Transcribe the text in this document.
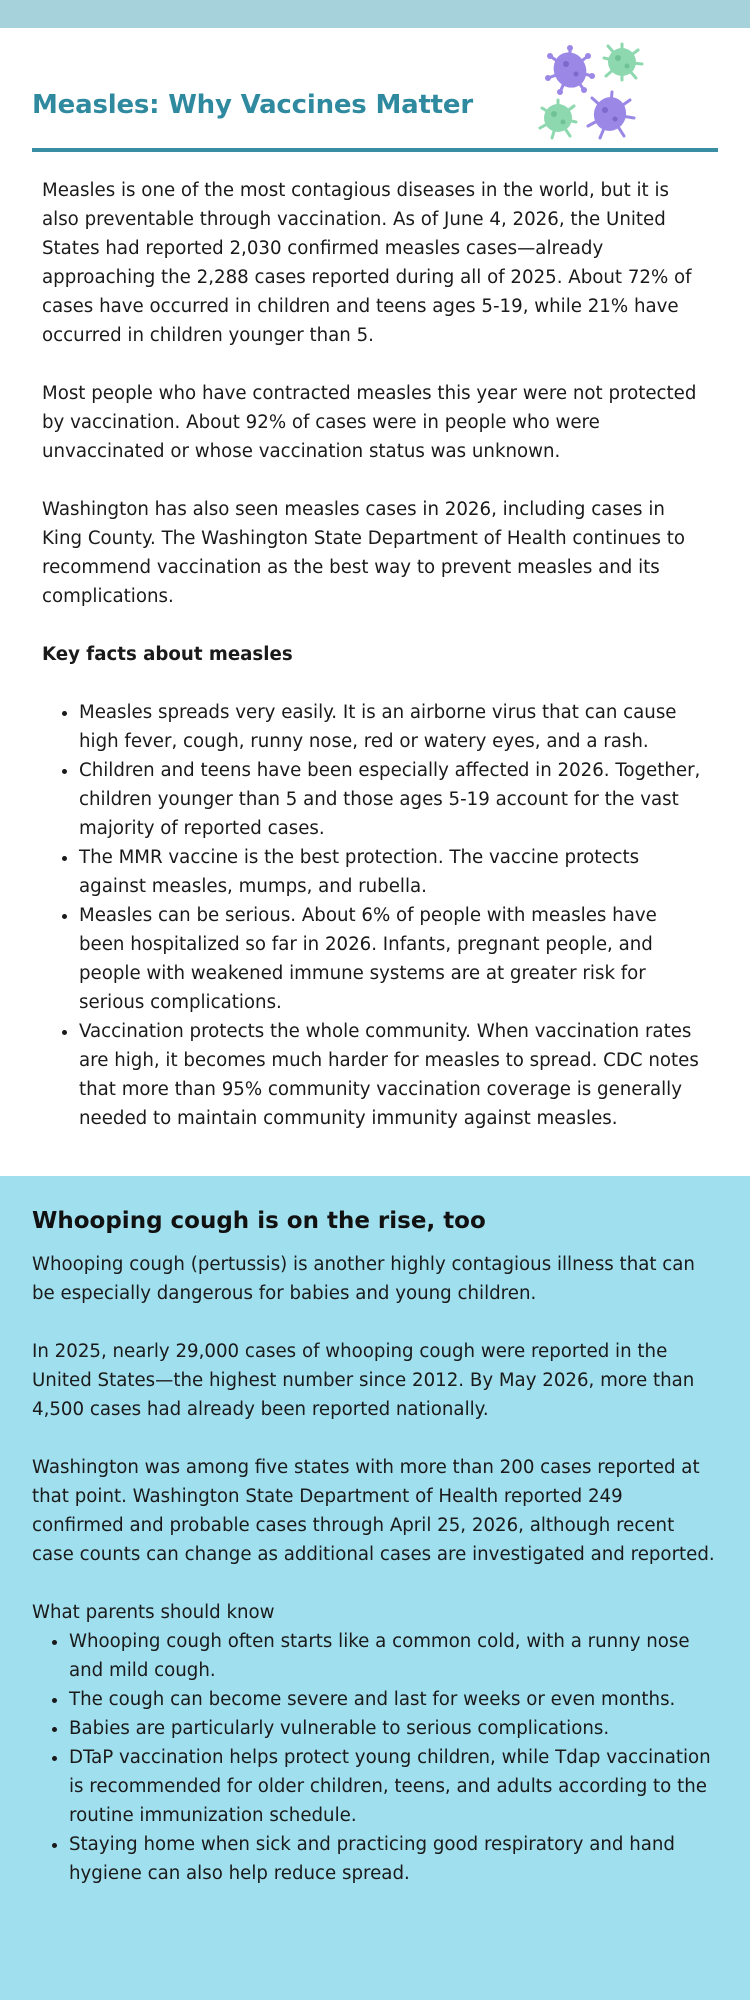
Measles: Why Vaccines Matter

Measles is one of the most contagious diseases in the world, but it is also preventable through vaccination. As of June 4, 2026, the United States had reported 2,030 confirmed measles cases—already approaching the 2,288 cases reported during all of 2025. About 72% of cases have occurred in children and teens ages 5-19, while 21% have occurred in children younger than 5.

Most people who have contracted measles this year were not protected by vaccination. About 92% of cases were in people who were unvaccinated or whose vaccination status was unknown.

Washington has also seen measles cases in 2026, including cases in King County. The Washington State Department of Health continues to recommend vaccination as the best way to prevent measles and its complications.

Key facts about measles

• Measles spreads very easily. It is an airborne virus that can cause high fever, cough, runny nose, red or watery eyes, and a rash.
• Children and teens have been especially affected in 2026. Together, children younger than 5 and those ages 5-19 account for the vast majority of reported cases.
• The MMR vaccine is the best protection. The vaccine protects against measles, mumps, and rubella.
• Measles can be serious. About 6% of people with measles have been hospitalized so far in 2026. Infants, pregnant people, and people with weakened immune systems are at greater risk for serious complications.
• Vaccination protects the whole community. When vaccination rates are high, it becomes much harder for measles to spread. CDC notes that more than 95% community vaccination coverage is generally needed to maintain community immunity against measles.
Whooping cough is on the rise, too

Whooping cough (pertussis) is another highly contagious illness that can be especially dangerous for babies and young children.

In 2025, nearly 29,000 cases of whooping cough were reported in the United States—the highest number since 2012. By May 2026, more than 4,500 cases had already been reported nationally.

Washington was among five states with more than 200 cases reported at that point. Washington State Department of Health reported 249 confirmed and probable cases through April 25, 2026, although recent case counts can change as additional cases are investigated and reported.

What parents should know

• Whooping cough often starts like a common cold, with a runny nose and mild cough.
• The cough can become severe and last for weeks or even months.
• Babies are particularly vulnerable to serious complications.
• DTaP vaccination helps protect young children, while Tdap vaccination is recommended for older children, teens, and adults according to the routine immunization schedule.
• Staying home when sick and practicing good respiratory and hand hygiene can also help reduce spread.
